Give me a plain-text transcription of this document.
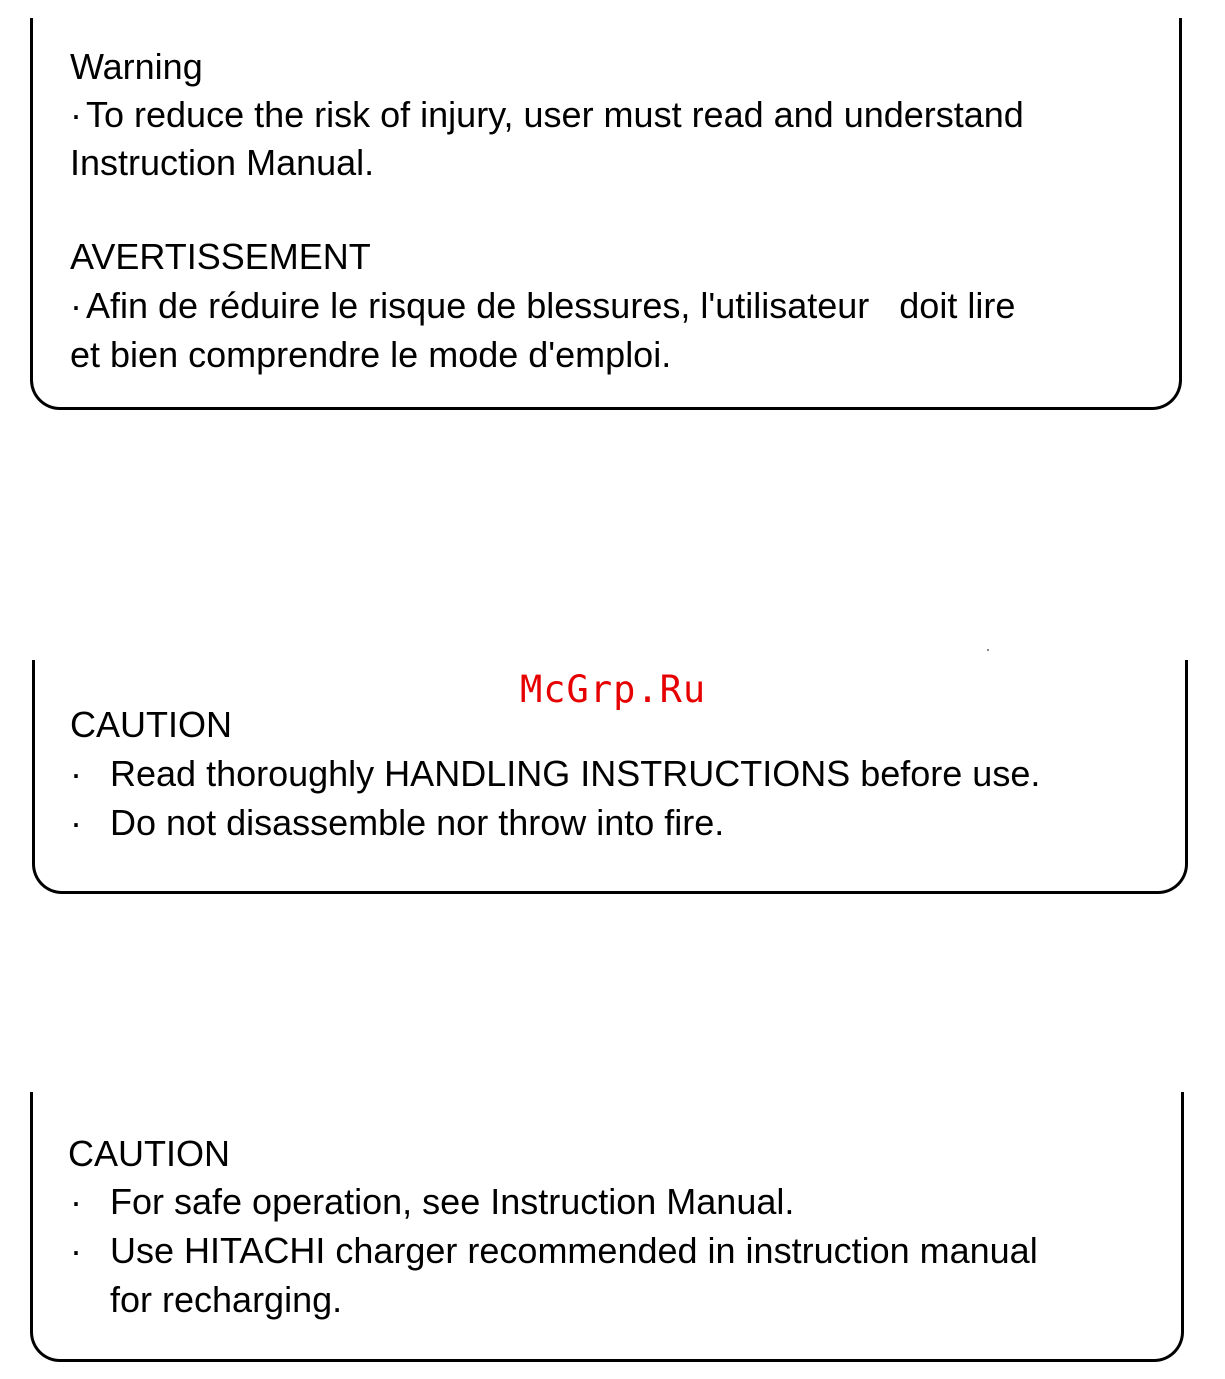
Warning
· To reduce the risk of injury, user must read and understand
Instruction Manual.
AVERTISSEMENT
· Afin de réduire le risque de blessures, l'utilisateur   doit lire
et bien comprendre le mode d'emploi.
McGrp.Ru
CAUTION
· Read thoroughly HANDLING INSTRUCTIONS before use.
· Do not disassemble nor throw into fire.
CAUTION
· For safe operation, see Instruction Manual.
· Use HITACHI charger recommended in instruction manual
for recharging.
